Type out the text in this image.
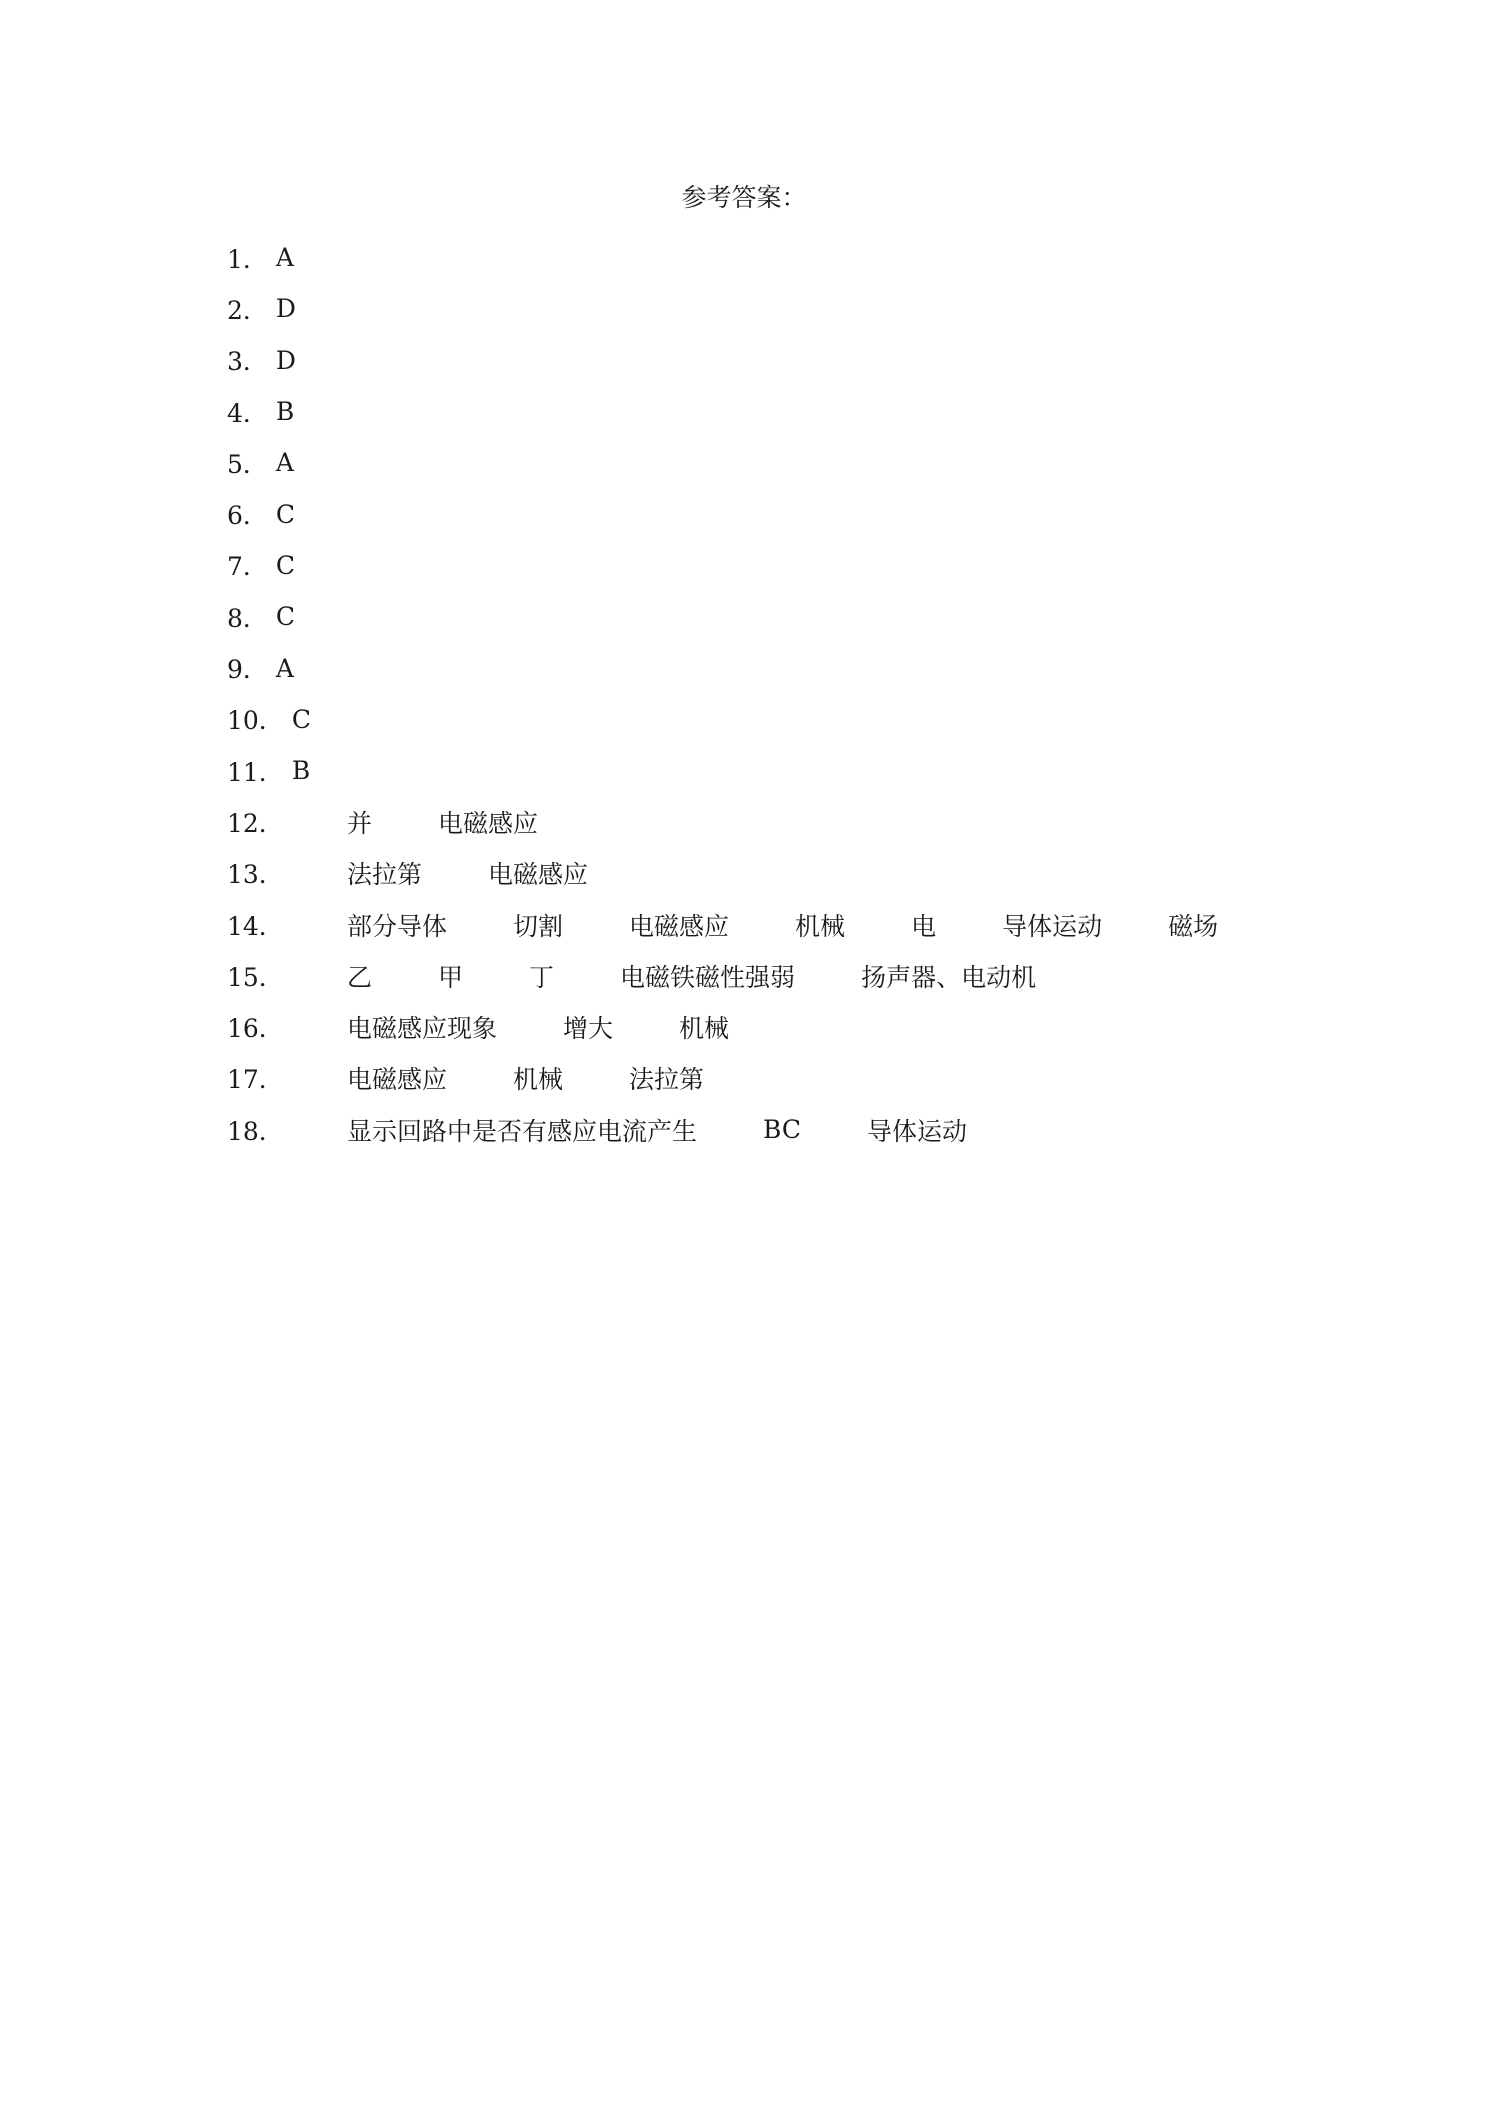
参考答案：
1． A
2． D
3． D
4． B
5． A
6． C
7． C
8． C
9． A
10． C
11． B
12．	并	电磁感应
13．	法拉第	电磁感应
14．	部分导体	切割	电磁感应	机械	电	导体运动	磁场
15．	乙	甲	丁	电磁铁磁性强弱	扬声器、电动机
16．	电磁感应现象	增大	机械
17．	电磁感应	机械	法拉第
18．	显示回路中是否有感应电流产生	BC	导体运动
